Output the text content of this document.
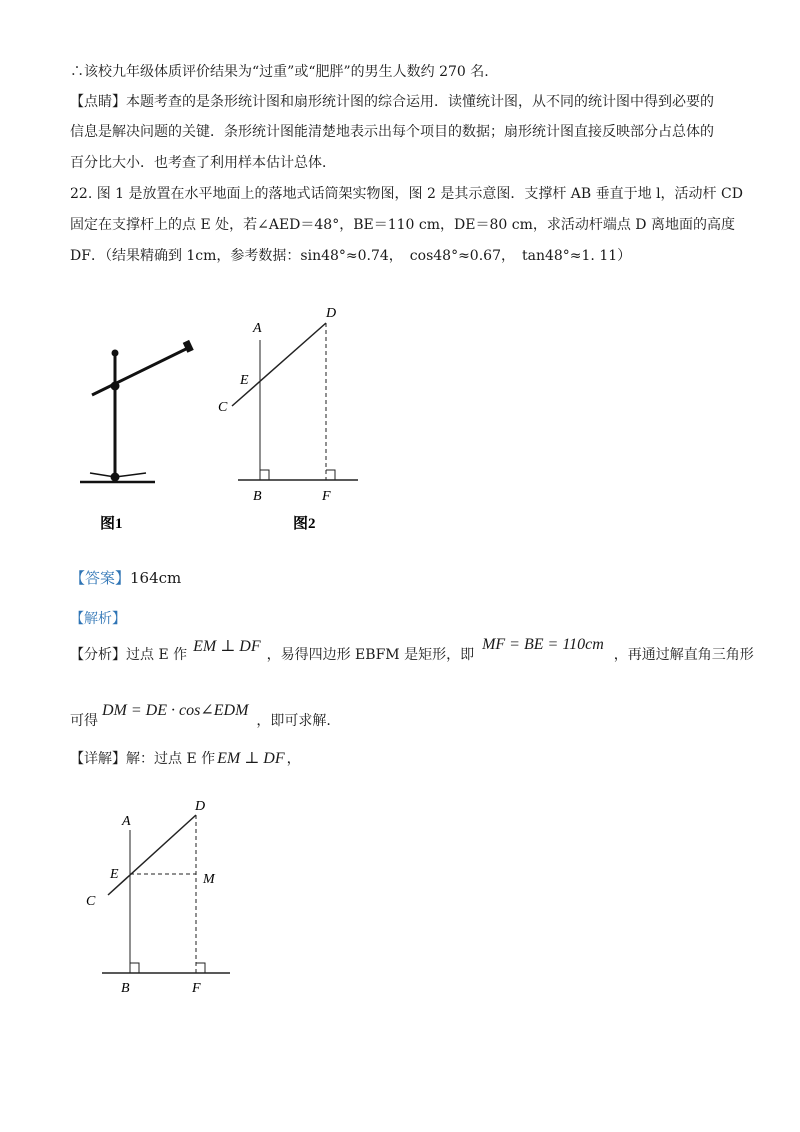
∴该校九年级体质评价结果为“过重”或“肥胖”的男生人数约 270 名.
【点睛】本题考查的是条形统计图和扇形统计图的综合运用．读懂统计图，从不同的统计图中得到必要的
信息是解决问题的关键．条形统计图能清楚地表示出每个项目的数据；扇形统计图直接反映部分占总体的
百分比大小．也考查了利用样本估计总体．
22. 图 1 是放置在水平地面上的落地式话筒架实物图，图 2 是其示意图．支撑杆 AB 垂直于地 l，活动杆 CD
固定在支撑杆上的点 E 处，若∠AED＝48°，BE＝110 cm，DE＝80 cm，求活动杆端点 D 离地面的高度
DF．（结果精确到 1cm，参考数据：sin48°≈0.74，　cos48°≈0.67，　tan48°≈1. 11）
图1
A
D
E
C
B	F
图2
【答案】164cm
【解析】
【分析】过点 E 作 EM ⊥ DF ，易得四边形 EBFM 是矩形，即MF = BE = 110cm，再通过解直角三角形
可得DM = DE · cos∠EDM，即可求解.
【详解】解：过点 E 作 EM ⊥ DF ，
A
D
E	M
C
B	F
